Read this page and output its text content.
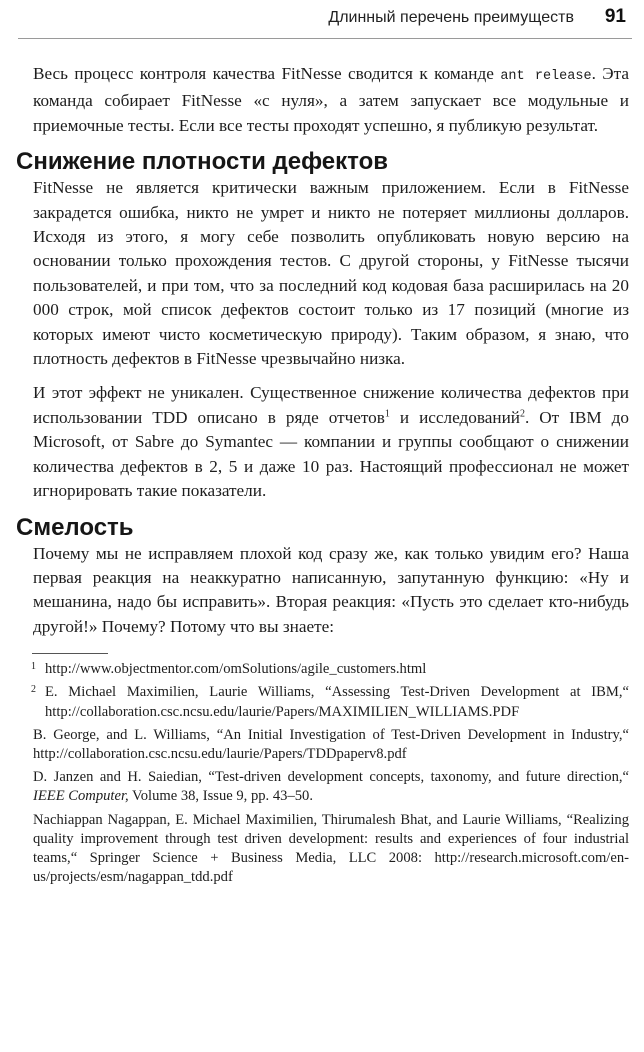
Длинный перечень преимуществ 91

Весь процесс контроля качества FitNesse сводится к команде ant release. Эта команда собирает FitNesse «с нуля», а затем запускает все модульные и приемочные тесты. Если все тесты проходят успешно, я публикую результат.

Снижение плотности дефектов

FitNesse не является критически важным приложением. Если в FitNesse закрадется ошибка, никто не умрет и никто не потеряет миллионы долларов. Исходя из этого, я могу себе позволить опубликовать новую версию на основании только прохождения тестов. С другой стороны, у FitNesse тысячи пользователей, и при том, что за последний код кодовая база расширилась на 20 000 строк, мой список дефектов состоит только из 17 позиций (многие из которых имеют чисто косметическую природу). Таким образом, я знаю, что плотность дефектов в FitNesse чрезвычайно низка.

И этот эффект не уникален. Существенное снижение количества дефектов при использовании TDD описано в ряде отчетов$^1$ и исследований$^2$. От IBM до Microsoft, от Sabre до Symantec — компании и группы сообщают о снижении количества дефектов в 2, 5 и даже 10 раз. Настоящий профессионал не может игнорировать такие показатели.

Смелость

Почему мы не исправляем плохой код сразу же, как только увидим его? Наша первая реакция на неаккуратно написанную, запутанную функцию: «Ну и мешанина, надо бы исправить». Вторая реакция: «Пусть это сделает кто-нибудь другой!» Почему? Потому что вы знаете:

1 http://www.objectmentor.com/omSolutions/agile_customers.html
2 E. Michael Maximilien, Laurie Williams, “Assessing Test-Driven Development at IBM,“ http://collaboration.csc.ncsu.edu/laurie/Papers/MAXIMILIEN_WILLIAMS.PDF
B. George, and L. Williams, “An Initial Investigation of Test-Driven Development in Industry,“ http://collaboration.csc.ncsu.edu/laurie/Papers/TDDpaperv8.pdf
D. Janzen and H. Saiedian, “Test-driven development concepts, taxonomy, and future direction,“ IEEE Computer, Volume 38, Issue 9, pp. 43–50.
Nachiappan Nagappan, E. Michael Maximilien, Thirumalesh Bhat, and Laurie Williams, “Realizing quality improvement through test driven development: results and experiences of four industrial teams,“ Springer Science + Business Media, LLC 2008: http://research.microsoft.com/en-us/projects/esm/nagappan_tdd.pdf
